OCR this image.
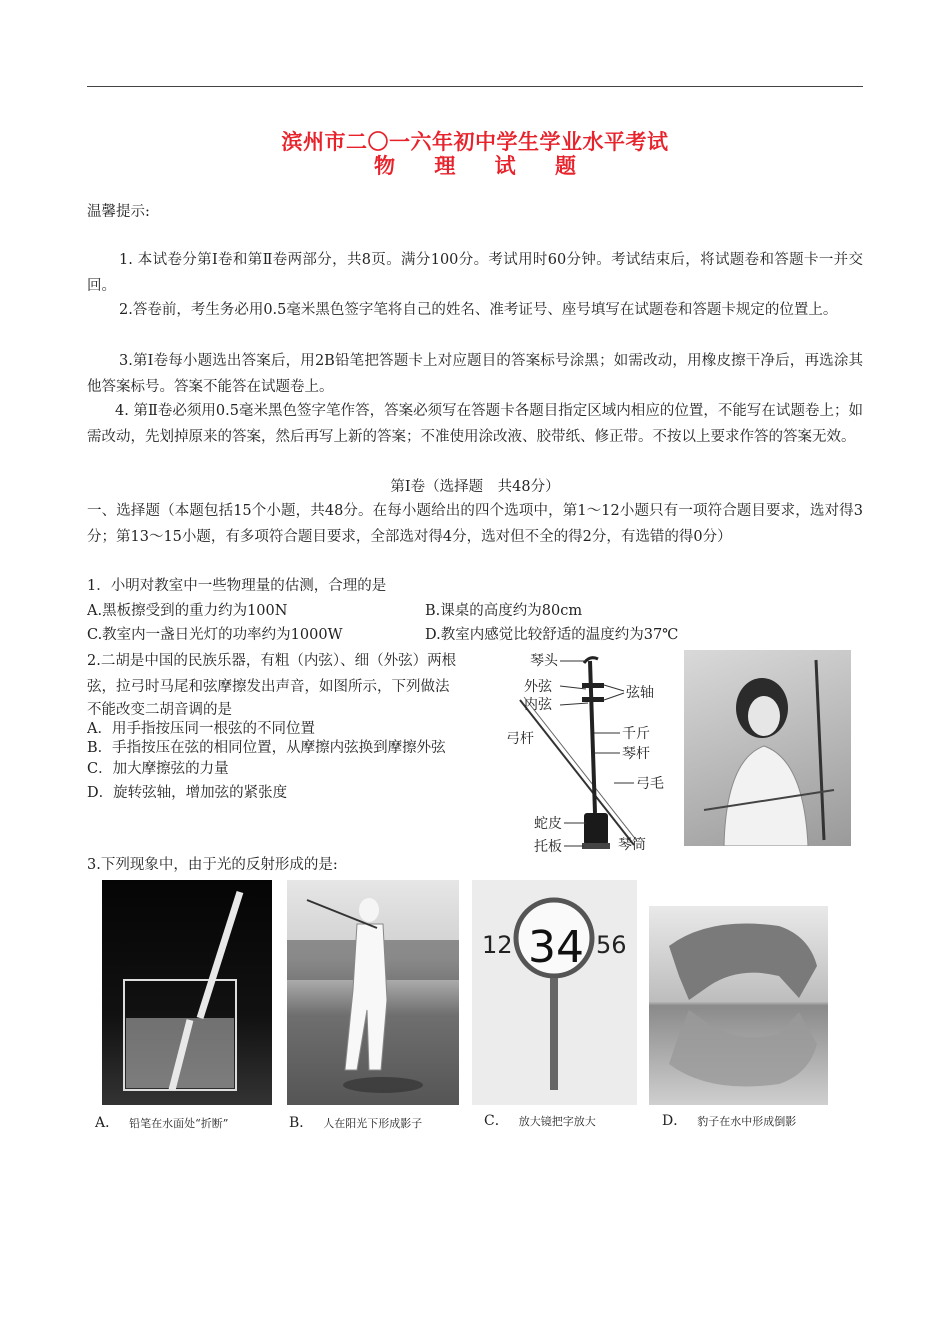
滨州市二〇一六年初中学生学业水平考试
物 理 试 题
温馨提示:
1. 本试卷分第Ⅰ卷和第Ⅱ卷两部分，共8页。满分100分。考试用时60分钟。考试结束后，将试题卷和答题卡一并交回。
2.答卷前，考生务必用0.5毫米黑色签字笔将自己的姓名、准考证号、座号填写在试题卷和答题卡规定的位置上。
3.第Ⅰ卷每小题选出答案后，用2B铅笔把答题卡上对应题目的答案标号涂黑；如需改动，用橡皮擦干净后，再选涂其他答案标号。答案不能答在试题卷上。
4. 第Ⅱ卷必须用0.5毫米黑色签字笔作答，答案必须写在答题卡各题目指定区域内相应的位置，不能写在试题卷上；如需改动，先划掉原来的答案，然后再写上新的答案；不准使用涂改液、胶带纸、修正带。不按以上要求作答的答案无效。
第Ⅰ卷（选择题　共48分）
一、选择题（本题包括15个小题，共48分。在每小题给出的四个选项中，第1～12小题只有一项符合题目要求，选对得3分；第13～15小题，有多项符合题目要求，全部选对得4分，选对但不全的得2分，有选错的得0分）
1．小明对教室中一些物理量的估测，合理的是
A.黑板擦受到的重力约为100N	B.课桌的高度约为80cm
C.教室内一盏日光灯的功率约为1000W	D.教室内感觉比较舒适的温度约为37℃
2.二胡是中国的民族乐器，有粗（内弦）、细（外弦）两根
弦，拉弓时马尾和弦摩擦发出声音，如图所示，下列做法
不能改变二胡音调的是
A．用手指按压同一根弦的不同位置
B．手指按压在弦的相同位置，从摩擦内弦换到摩擦外弦
C．加大摩擦弦的力量
D．旋转弦轴，增加弦的紧张度
琴头
外弦
内弦
弦轴
千斤
琴杆
弓杆
弓毛
蛇皮
托板	琴筒
3.下列现象中，由于光的反射形成的是:
12 34 56
A． 铅笔在水面处“折断”	B． 人在阳光下形成影子	C． 放大镜把字放大	D． 豹子在水中形成倒影
